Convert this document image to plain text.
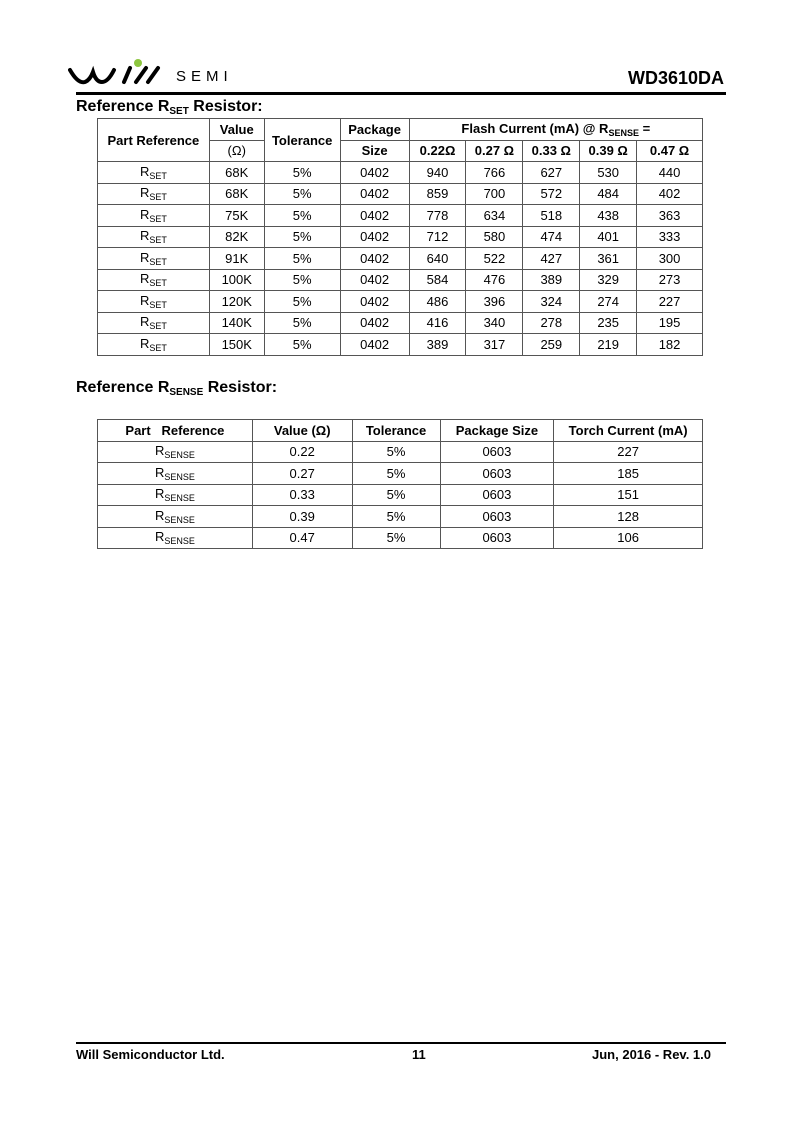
SEMI	WD3610DA
Reference $R_{SET}$ Resistor:
Part Reference	Value	Tolerance	Package	Flash Current (mA) @ $R_{SENSE}$ =				
	(Ω)		Size	0.22Ω	0.27 Ω	0.33 Ω	0.39 Ω	0.47 Ω
$R_{SET}$	68K	5%	0402	940	766	627	530	440
$R_{SET}$	68K	5%	0402	859	700	572	484	402
$R_{SET}$	75K	5%	0402	778	634	518	438	363
$R_{SET}$	82K	5%	0402	712	580	474	401	333
$R_{SET}$	91K	5%	0402	640	522	427	361	300
$R_{SET}$	100K	5%	0402	584	476	389	329	273
$R_{SET}$	120K	5%	0402	486	396	324	274	227
$R_{SET}$	140K	5%	0402	416	340	278	235	195
$R_{SET}$	150K	5%	0402	389	317	259	219	182
Reference $R_{SENSE}$ Resistor:
Part   Reference	Value (Ω)	Tolerance	Package Size	Torch Current (mA)
$R_{SENSE}$	0.22	5%	0603	227
$R_{SENSE}$	0.27	5%	0603	185
$R_{SENSE}$	0.33	5%	0603	151
$R_{SENSE}$	0.39	5%	0603	128
$R_{SENSE}$	0.47	5%	0603	106
Will Semiconductor Ltd.	11	Jun, 2016 - Rev. 1.0
